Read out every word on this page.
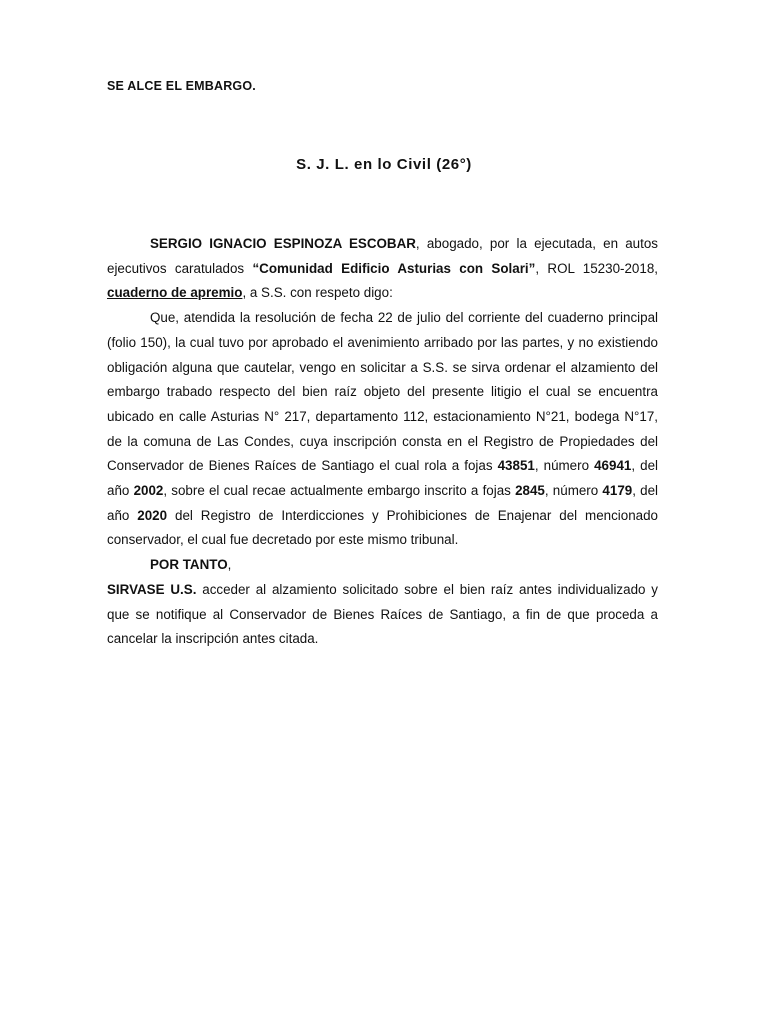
SE ALCE EL EMBARGO.
S. J. L. en lo Civil (26°)

SERGIO IGNACIO ESPINOZA ESCOBAR, abogado, por la ejecutada, en autos ejecutivos caratulados “Comunidad Edificio Asturias con Solari”, ROL 15230-2018, cuaderno de apremio, a S.S. con respeto digo:

Que, atendida la resolución de fecha 22 de julio del corriente del cuaderno principal (folio 150), la cual tuvo por aprobado el avenimiento arribado por las partes, y no existiendo obligación alguna que cautelar, vengo en solicitar a S.S. se sirva ordenar el alzamiento del embargo trabado respecto del bien raíz objeto del presente litigio el cual se encuentra ubicado en calle Asturias N° 217, departamento 112, estacionamiento N°21, bodega N°17, de la comuna de Las Condes, cuya inscripción consta en el Registro de Propiedades del Conservador de Bienes Raíces de Santiago el cual rola a fojas 43851, número 46941, del año 2002, sobre el cual recae actualmente embargo inscrito a fojas 2845, número 4179, del año 2020 del Registro de Interdicciones y Prohibiciones de Enajenar del mencionado conservador, el cual fue decretado por este mismo tribunal.

POR TANTO,

SIRVASE U.S. acceder al alzamiento solicitado sobre el bien raíz antes individualizado y que se notifique al Conservador de Bienes Raíces de Santiago, a fin de que proceda a cancelar la inscripción antes citada.
